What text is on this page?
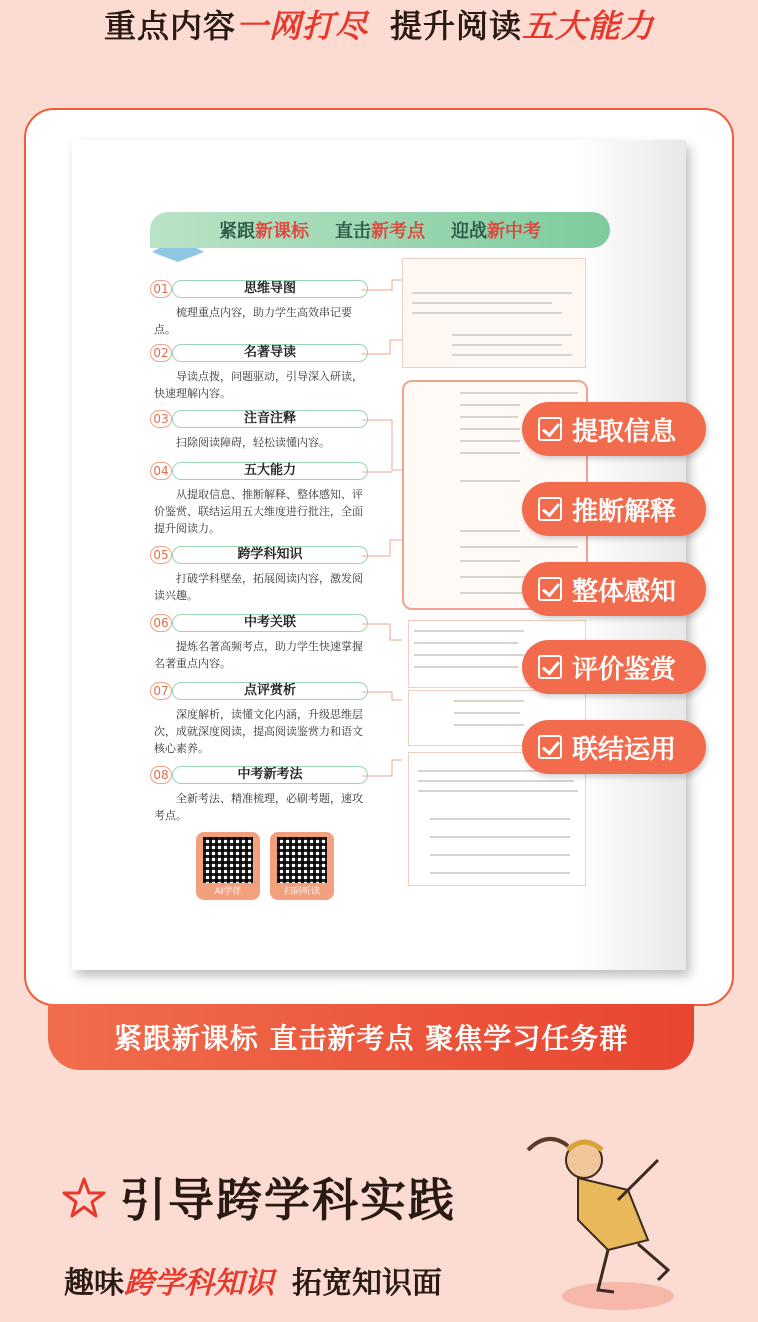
重点内容一网打尽 提升阅读五大能力
紧跟新课标 直击新考点 迎战新中考
01	思维导图
梳理重点内容，助力学生高效串记要点。
02	名著导读
导读点拨，问题驱动，引导深入研读，快速理解内容。
03	注音注释
扫除阅读障碍，轻松读懂内容。
04	五大能力
从提取信息、推断解释、整体感知、评价鉴赏、联结运用五大维度进行批注，全面提升阅读力。
05	跨学科知识
打破学科壁垒，拓展阅读内容，激发阅读兴趣。
06	中考关联
提炼名著高频考点，助力学生快速掌握名著重点内容。
07	点评赏析
深度解析，读懂文化内涵，升级思维层次，成就深度阅读，提高阅读鉴赏力和语文核心素养。
08	中考新考法
全新考法、精准梳理，必刷考题，速攻考点。
提取信息
推断解释
整体感知
评价鉴赏
联结运用
AI学伴	扫码听读
紧跟新课标 直击新考点 聚焦学习任务群
引导跨学科实践
趣味跨学科知识 拓宽知识面
